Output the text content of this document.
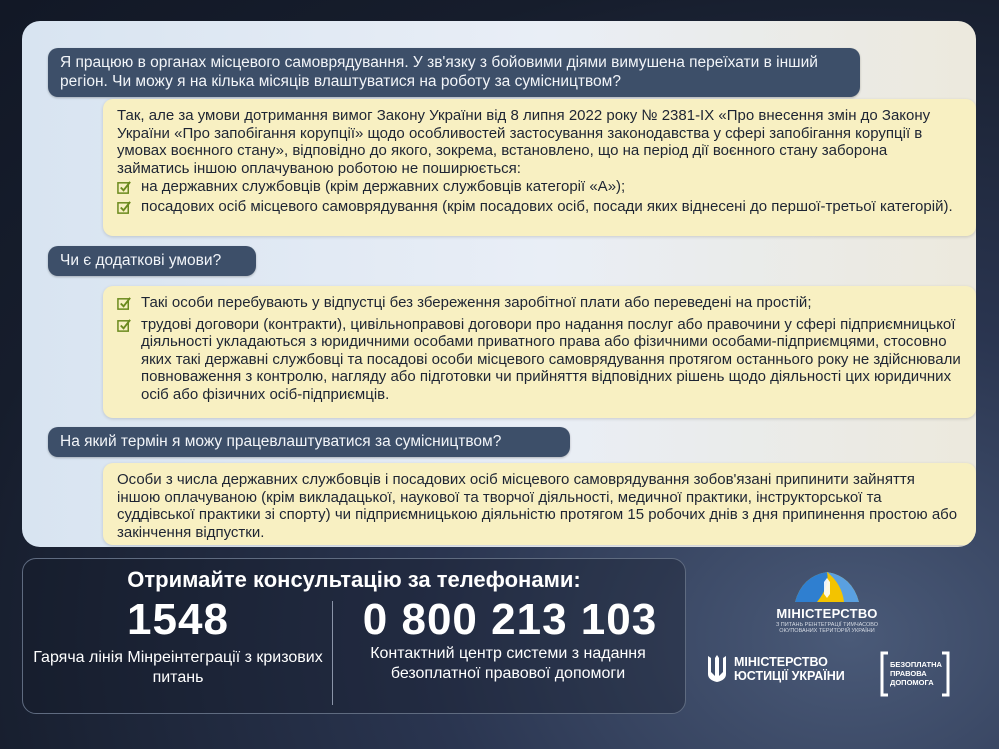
Я працюю в органах місцевого самоврядування. У зв'язку з бойовими діями вимушена переїхати в інший регіон. Чи можу я на кілька місяців влаштуватися на роботу за сумісництвом?
Так, але за умови дотримання вимог Закону України від 8 липня 2022 року № 2381-IX «Про внесення змін до Закону України «Про запобігання корупції» щодо особливостей застосування законодавства у сфері запобігання корупції в умовах воєнного стану», відповідно до якого, зокрема, встановлено, що на період дії воєнного стану заборона займатись іншою оплачуваною роботою не поширюється:
на державних службовців (крім державних службовців категорії «А»);
посадових осіб місцевого самоврядування (крім посадових осіб, посади яких віднесені до першої-третьої категорій).
Чи є додаткові умови?
Такі особи перебувають у відпустці без збереження заробітної плати або переведені на простій;
трудові договори (контракти), цивільноправові договори про надання послуг або правочини у сфері підприємницької діяльності укладаються з юридичними особами приватного права або фізичними особами-підприємцями, стосовно яких такі державні службовці та посадові особи місцевого самоврядування протягом останнього року не здійснювали повноваження з контролю, нагляду або підготовки чи прийняття відповідних рішень щодо діяльності цих юридичних осіб або фізичних осіб-підприємців.
На який термін я можу працевлаштуватися за сумісництвом?
Особи з числа державних службовців і посадових осіб місцевого самоврядування зобов'язані припинити зайняття іншою оплачуваною (крім викладацької, наукової та творчої діяльності, медичної практики, інструкторської та суддівської практики зі спорту) чи підприємницькою діяльністю протягом 15 робочих днів з дня припинення простою або закінчення відпустки.
Отримайте консультацію за телефонами:
1548	0 800 213 103
Гаряча лінія Мінреінтеграції з кризових питань
Контактний центр системи з надання безоплатної правової допомоги
МІНІСТЕРСТВО
З ПИТАНЬ РЕІНТЕГРАЦІЇ ТИМЧАСОВО ОКУПОВАНИХ ТЕРИТОРІЙ УКРАЇНИ
МІНІСТЕРСТВО
ЮСТИЦІЇ УКРАЇНИ
БЕЗОПЛАТНА
ПРАВОВА
ДОПОМОГА
